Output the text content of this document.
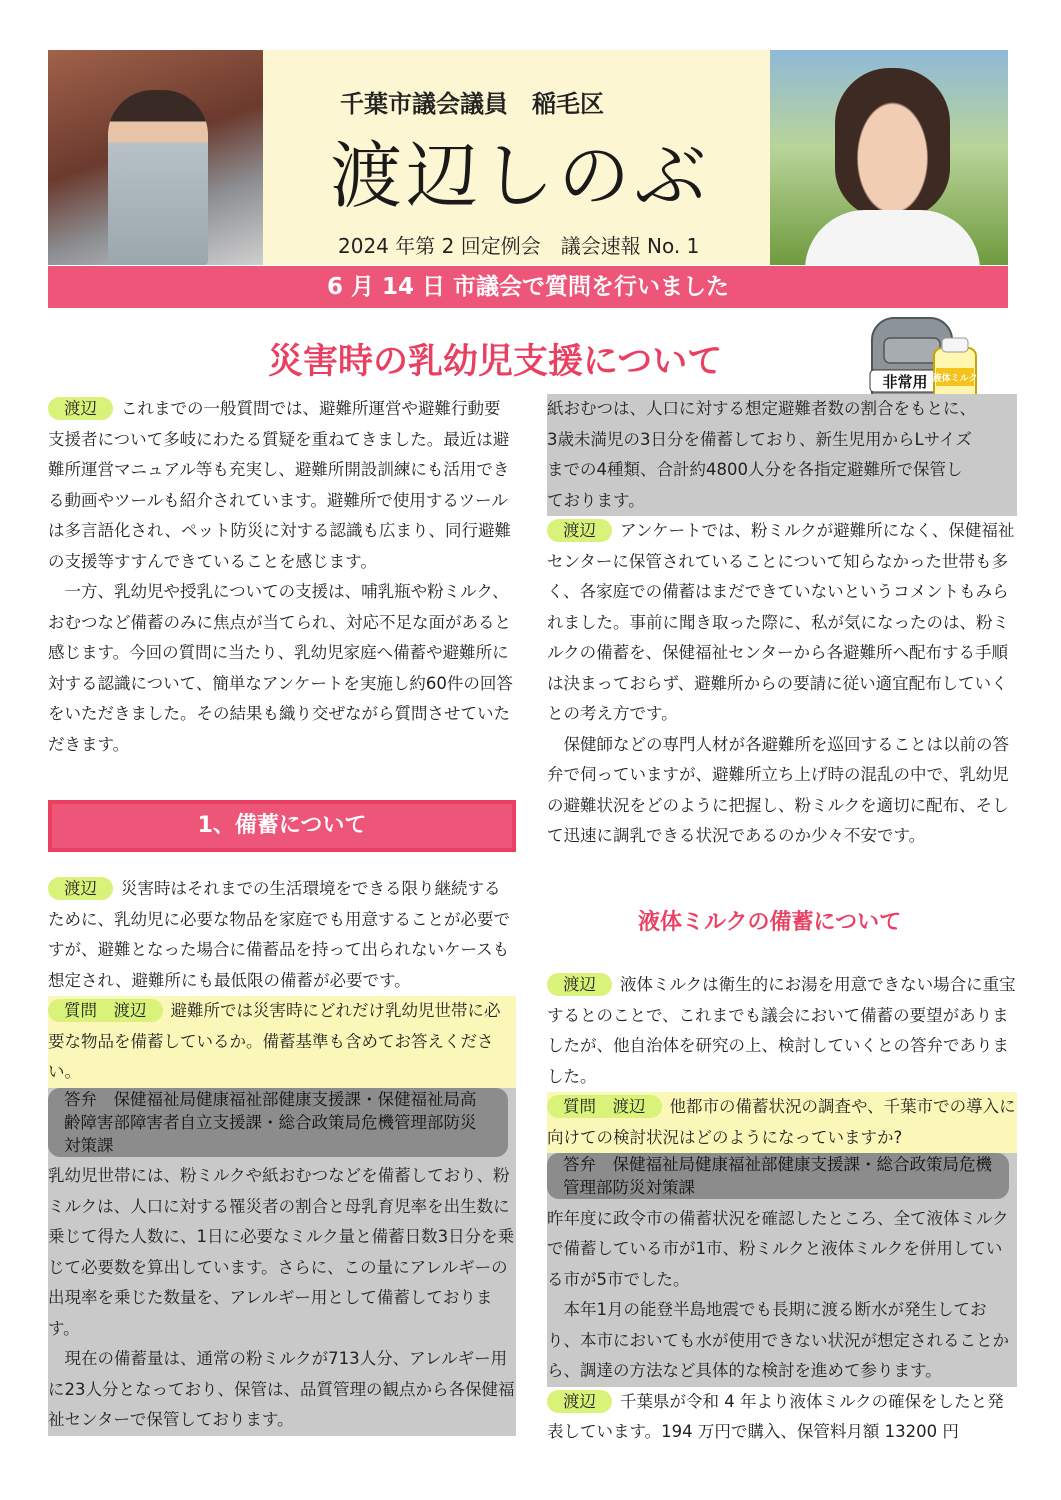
千葉市議会議員　稲毛区
渡辺しのぶ
2024 年第 2 回定例会　議会速報 No. 1
6 月 14 日 市議会で質問を行いました
災害時の乳幼児支援について	非常用 液体ミルク

渡辺 これまでの一般質問では、避難所運営や避難行動要支援者について多岐にわたる質疑を重ねてきました。最近は避難所運営マニュアル等も充実し、避難所開設訓練にも活用できる動画やツールも紹介されています。避難所で使用するツールは多言語化され、ペット防災に対する認識も広まり、同行避難の支援等すすんできていることを感じます。

一方、乳幼児や授乳についての支援は、哺乳瓶や粉ミルク、おむつなど備蓄のみに焦点が当てられ、対応不足な面があると感じます。今回の質問に当たり、乳幼児家庭へ備蓄や避難所に対する認識について、簡単なアンケートを実施し約60件の回答をいただきました。その結果も織り交ぜながら質問させていただきます。

1、備蓄について

渡辺 災害時はそれまでの生活環境をできる限り継続するために、乳幼児に必要な物品を家庭でも用意することが必要ですが、避難となった場合に備蓄品を持って出られないケースも想定され、避難所にも最低限の備蓄が必要です。

質問　渡辺 避難所では災害時にどれだけ乳幼児世帯に必要な物品を備蓄しているか。備蓄基準も含めてお答えください。

答弁　保健福祉局健康福祉部健康支援課・保健福祉局高齢障害部障害者自立支援課・総合政策局危機管理部防災対策課乳幼児世帯には、粉ミルクや紙おむつなどを備蓄しており、粉ミルクは、人口に対する罹災者の割合と母乳育児率を出生数に乗じて得た人数に、1日に必要なミルク量と備蓄日数3日分を乗じて必要数を算出しています。さらに、この量にアレルギーの出現率を乗じた数量を、アレルギー用として備蓄しております。

現在の備蓄量は、通常の粉ミルクが713人分、アレルギー用に23人分となっており、保管は、品質管理の観点から各保健福祉センターで保管しております。

紙おむつは、人口に対する想定避難者数の割合をもとに、3歳未満児の3日分を備蓄しており、新生児用からLサイズまでの4種類、合計約4800人分を各指定避難所で保管しております。

渡辺 アンケートでは、粉ミルクが避難所になく、保健福祉センターに保管されていることについて知らなかった世帯も多く、各家庭での備蓄はまだできていないというコメントもみられました。事前に聞き取った際に、私が気になったのは、粉ミルクの備蓄を、保健福祉センターから各避難所へ配布する手順は決まっておらず、避難所からの要請に従い適宜配布していくとの考え方です。

保健師などの専門人材が各避難所を巡回することは以前の答弁で伺っていますが、避難所立ち上げ時の混乱の中で、乳幼児の避難状況をどのように把握し、粉ミルクを適切に配布、そして迅速に調乳できる状況であるのか少々不安です。

液体ミルクの備蓄について

渡辺 液体ミルクは衛生的にお湯を用意できない場合に重宝するとのことで、これまでも議会において備蓄の要望がありましたが、他自治体を研究の上、検討していくとの答弁でありました。

質問　渡辺 他都市の備蓄状況の調査や、千葉市での導入に向けての検討状況はどのようになっていますか?

答弁　保健福祉局健康福祉部健康支援課・総合政策局危機管理部防災対策課昨年度に政令市の備蓄状況を確認したところ、全て液体ミルクで備蓄している市が1市、粉ミルクと液体ミルクを併用している市が5市でした。

本年1月の能登半島地震でも長期に渡る断水が発生しており、本市においても水が使用できない状況が想定されることから、調達の方法など具体的な検討を進めて参ります。

渡辺 千葉県が令和 4 年より液体ミルクの確保をしたと発表しています。194 万円で購入、保管料月額 13200 円
